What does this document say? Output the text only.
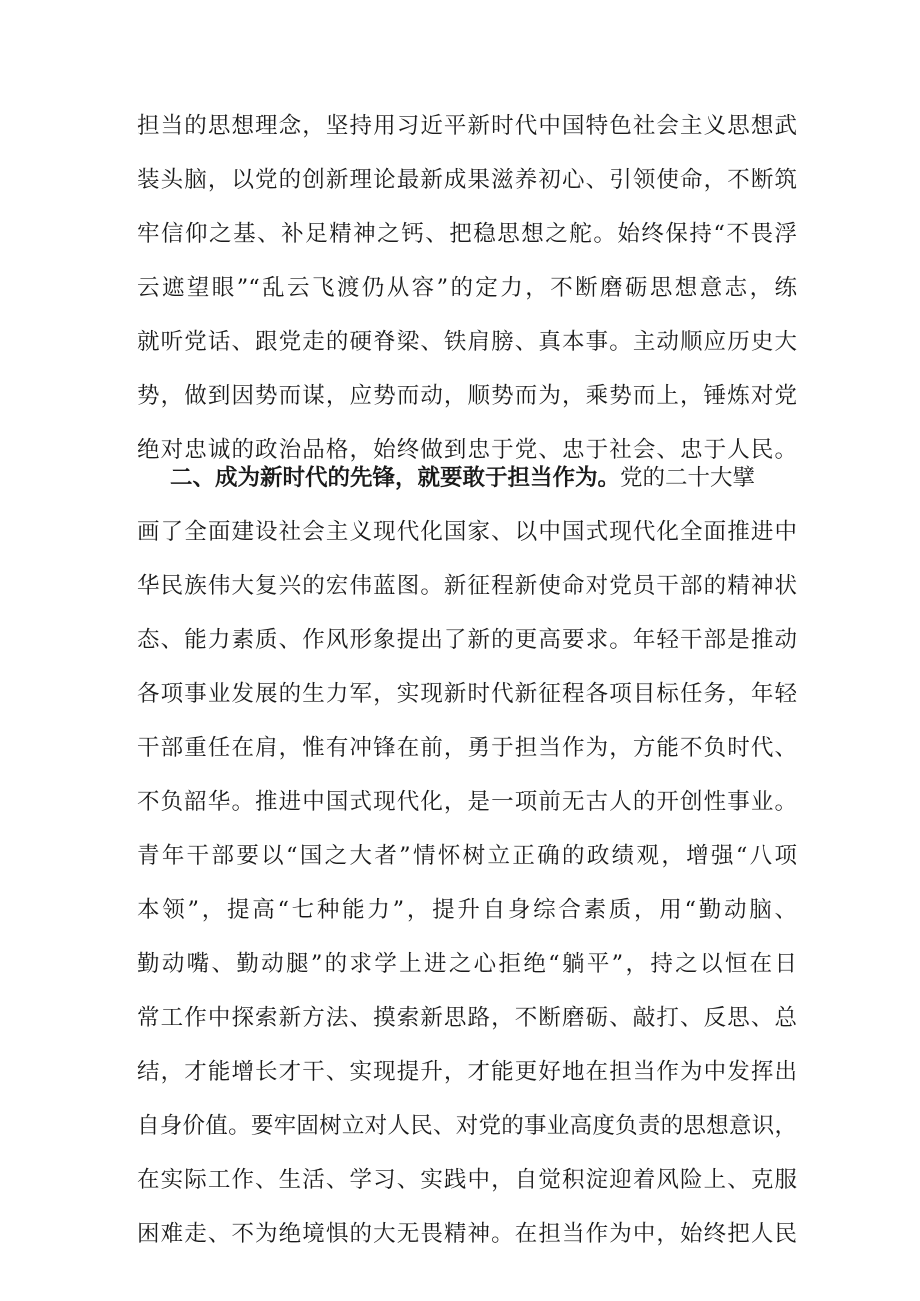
担当的思想理念，坚持用习近平新时代中国特色社会主义思想武
装头脑，以党的创新理论最新成果滋养初心、引领使命，不断筑
牢信仰之基、补足精神之钙、把稳思想之舵。始终保持“不畏浮
云遮望眼”“乱云飞渡仍从容”的定力，不断磨砺思想意志，练
就听党话、跟党走的硬脊梁、铁肩膀、真本事。主动顺应历史大
势，做到因势而谋，应势而动，顺势而为，乘势而上，锤炼对党
绝对忠诚的政治品格，始终做到忠于党、忠于社会、忠于人民。
二、成为新时代的先锋，就要敢于担当作为。党的二十大擘
画了全面建设社会主义现代化国家、以中国式现代化全面推进中
华民族伟大复兴的宏伟蓝图。新征程新使命对党员干部的精神状
态、能力素质、作风形象提出了新的更高要求。年轻干部是推动
各项事业发展的生力军，实现新时代新征程各项目标任务，年轻
干部重任在肩，惟有冲锋在前，勇于担当作为，方能不负时代、
不负韶华。推进中国式现代化，是一项前无古人的开创性事业。
青年干部要以“国之大者”情怀树立正确的政绩观，增强“八项
本领”，提高“七种能力”，提升自身综合素质，用“勤动脑、
勤动嘴、勤动腿”的求学上进之心拒绝“躺平”，持之以恒在日
常工作中探索新方法、摸索新思路，不断磨砺、敲打、反思、总
结，才能增长才干、实现提升，才能更好地在担当作为中发挥出
自身价值。要牢固树立对人民、对党的事业高度负责的思想意识，
在实际工作、生活、学习、实践中，自觉积淀迎着风险上、克服
困难走、不为绝境惧的大无畏精神。在担当作为中，始终把人民
